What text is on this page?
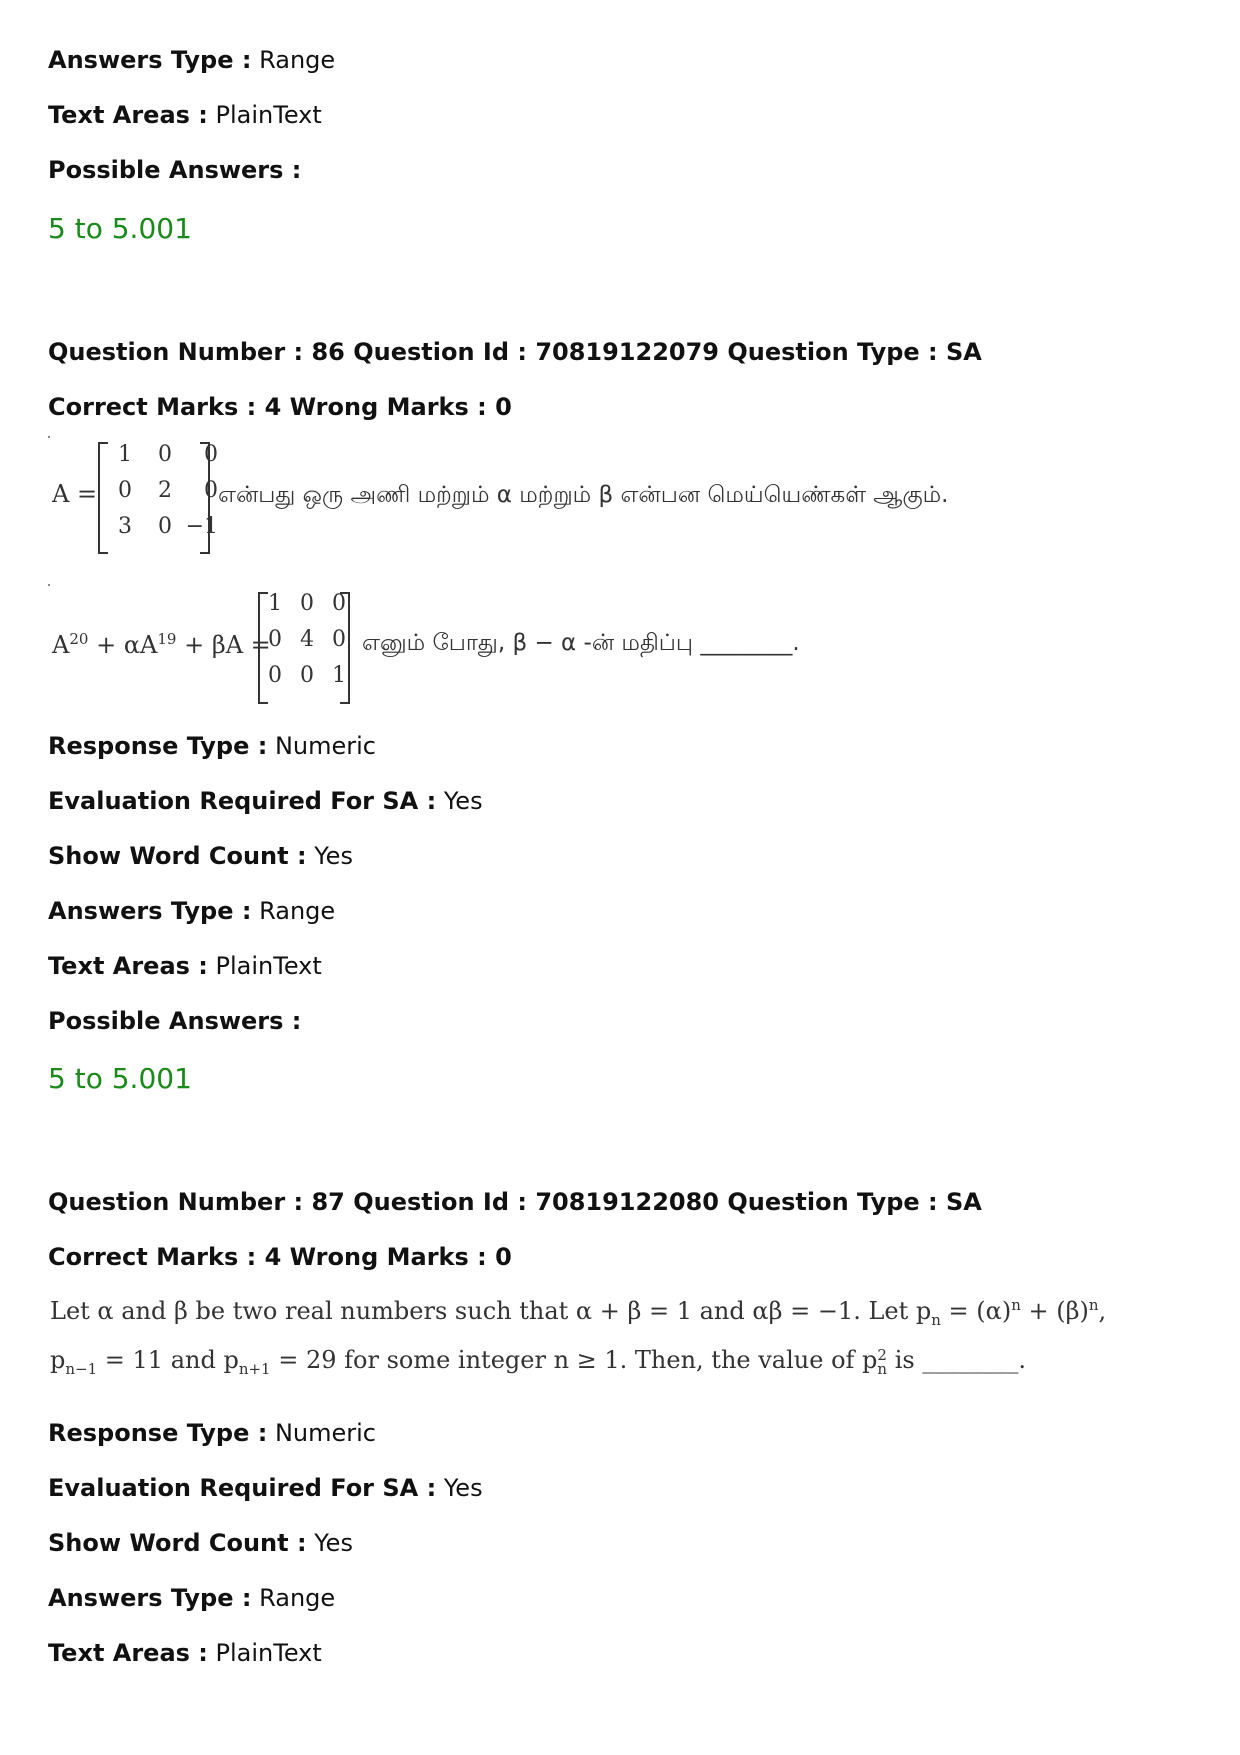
Answers Type : Range
Text Areas : PlainText
Possible Answers :
5 to 5.001
Question Number : 86 Question Id : 70819122079 Question Type : SA
Correct Marks : 4 Wrong Marks : 0
A =
1	0	0
0	2	0
3	0 −1
என்பது ஒரு அணி மற்றும் α மற்றும் β என்பன மெய்யெண்கள் ஆகும்.
$A^{20} + \alpha A^{19} + \beta A$ =
1 0 0
0 4 0
0 0 1
எனும் போது, β − α -ன் மதிப்பு ________.
Response Type : Numeric
Evaluation Required For SA : Yes
Show Word Count : Yes
Answers Type : Range
Text Areas : PlainText
Possible Answers :
5 to 5.001
Question Number : 87 Question Id : 70819122080 Question Type : SA
Correct Marks : 4 Wrong Marks : 0
Let α and β be two real numbers such that α + β = 1 and αβ = −1. Let $p_n = (\alpha)^n + (\beta)^n$,
$p_{n-1} = 11$ and $p_{n+1} = 29$ for some integer n ≥ 1. Then, the value of p 2
n is ________.
Response Type : Numeric
Evaluation Required For SA : Yes
Show Word Count : Yes
Answers Type : Range
Text Areas : PlainText
